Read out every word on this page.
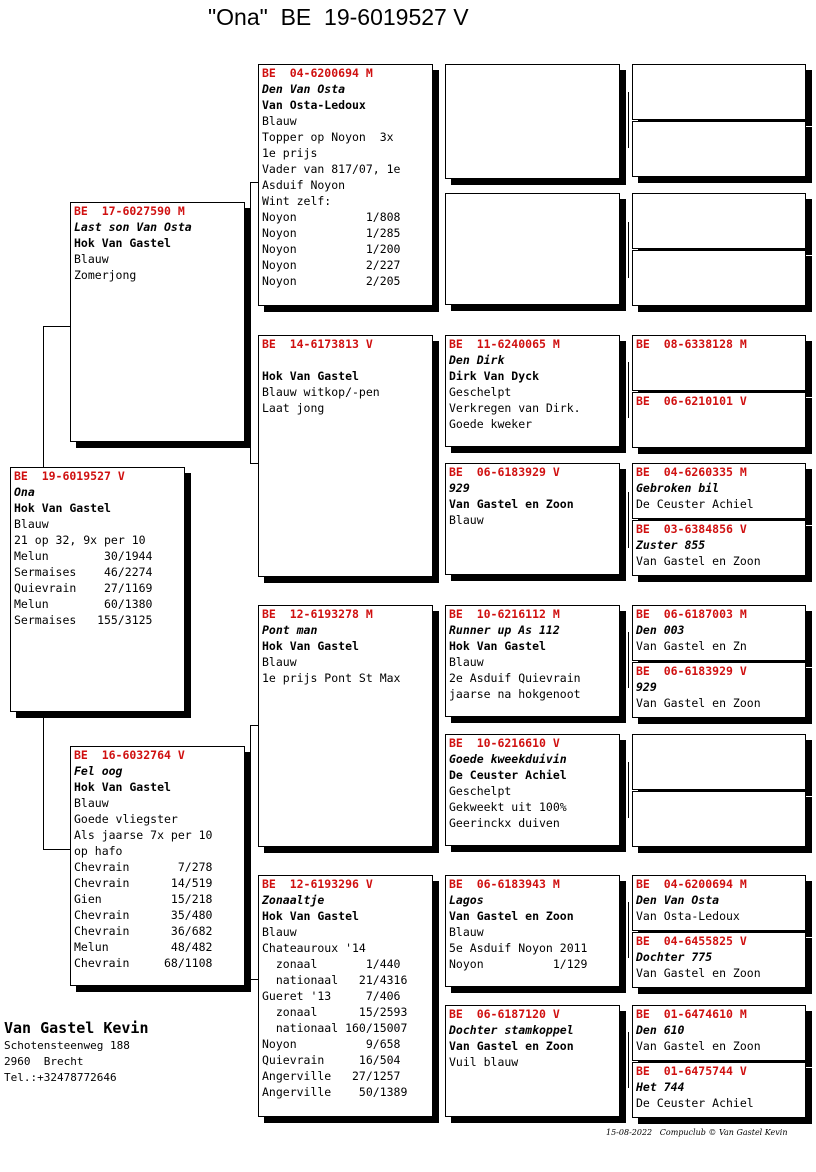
"Ona"  BE  19-6019527 V
BE  19-6019527 V
Ona
Hok Van Gastel
Blauw
21 op 32, 9x per 10
Melun        30/1944
Sermaises    46/2274
Quievrain    27/1169
Melun        60/1380
Sermaises   155/3125
BE  17-6027590 M
Last son Van Osta
Hok Van Gastel
Blauw
Zomerjong
BE  16-6032764 V
Fel oog
Hok Van Gastel
Blauw
Goede vliegster
Als jaarse 7x per 10
op hafo
Chevrain       7/278
Chevrain      14/519
Gien          15/218
Chevrain      35/480
Chevrain      36/682
Melun         48/482
Chevrain     68/1108
BE  04-6200694 M
Den Van Osta
Van Osta-Ledoux
Blauw
Topper op Noyon  3x
1e prijs
Vader van 817/07, 1e
Asduif Noyon
Wint zelf:
Noyon          1/808
Noyon          1/285
Noyon          1/200
Noyon          2/227
Noyon          2/205
BE  14-6173813 V

Hok Van Gastel
Blauw witkop/-pen
Laat jong
BE  12-6193278 M
Pont man
Hok Van Gastel
Blauw
1e prijs Pont St Max
BE  12-6193296 V
Zonaaltje
Hok Van Gastel
Blauw
Chateauroux '14
zonaal       1/440
nationaal   21/4316
Gueret '13     7/406
zonaal      15/2593
nationaal 160/15007
Noyon          9/658
Quievrain     16/504
Angerville   27/1257
Angerville    50/1389
BE  11-6240065 M
Den Dirk
Dirk Van Dyck
Geschelpt
Verkregen van Dirk.
Goede kweker
BE  06-6183929 V
929
Van Gastel en Zoon
Blauw
BE  10-6216112 M
Runner up As 112
Hok Van Gastel
Blauw
2e Asduif Quievrain
jaarse na hokgenoot
BE  10-6216610 V
Goede kweekduivin
De Ceuster Achiel
Geschelpt
Gekweekt uit 100%
Geerinckx duiven
BE  06-6183943 M
Lagos
Van Gastel en Zoon
Blauw
5e Asduif Noyon 2011
Noyon          1/129
BE  06-6187120 V
Dochter stamkoppel
Van Gastel en Zoon
Vuil blauw
BE  08-6338128 M
BE  06-6210101 V
BE  04-6260335 M
Gebroken bil
De Ceuster Achiel
BE  03-6384856 V
Zuster 855
Van Gastel en Zoon
BE  06-6187003 M
Den 003
Van Gastel en Zn
BE  06-6183929 V
929
Van Gastel en Zoon
BE  04-6200694 M
Den Van Osta
Van Osta-Ledoux
BE  04-6455825 V
Dochter 775
Van Gastel en Zoon
BE  01-6474610 M
Den 610
Van Gastel en Zoon
BE  01-6475744 V
Het 744
De Ceuster Achiel
Van Gastel Kevin
Schotensteenweg 188
2960  Brecht
Tel.:+32478772646
15-08-2022   Compuclub © Van Gastel Kevin
